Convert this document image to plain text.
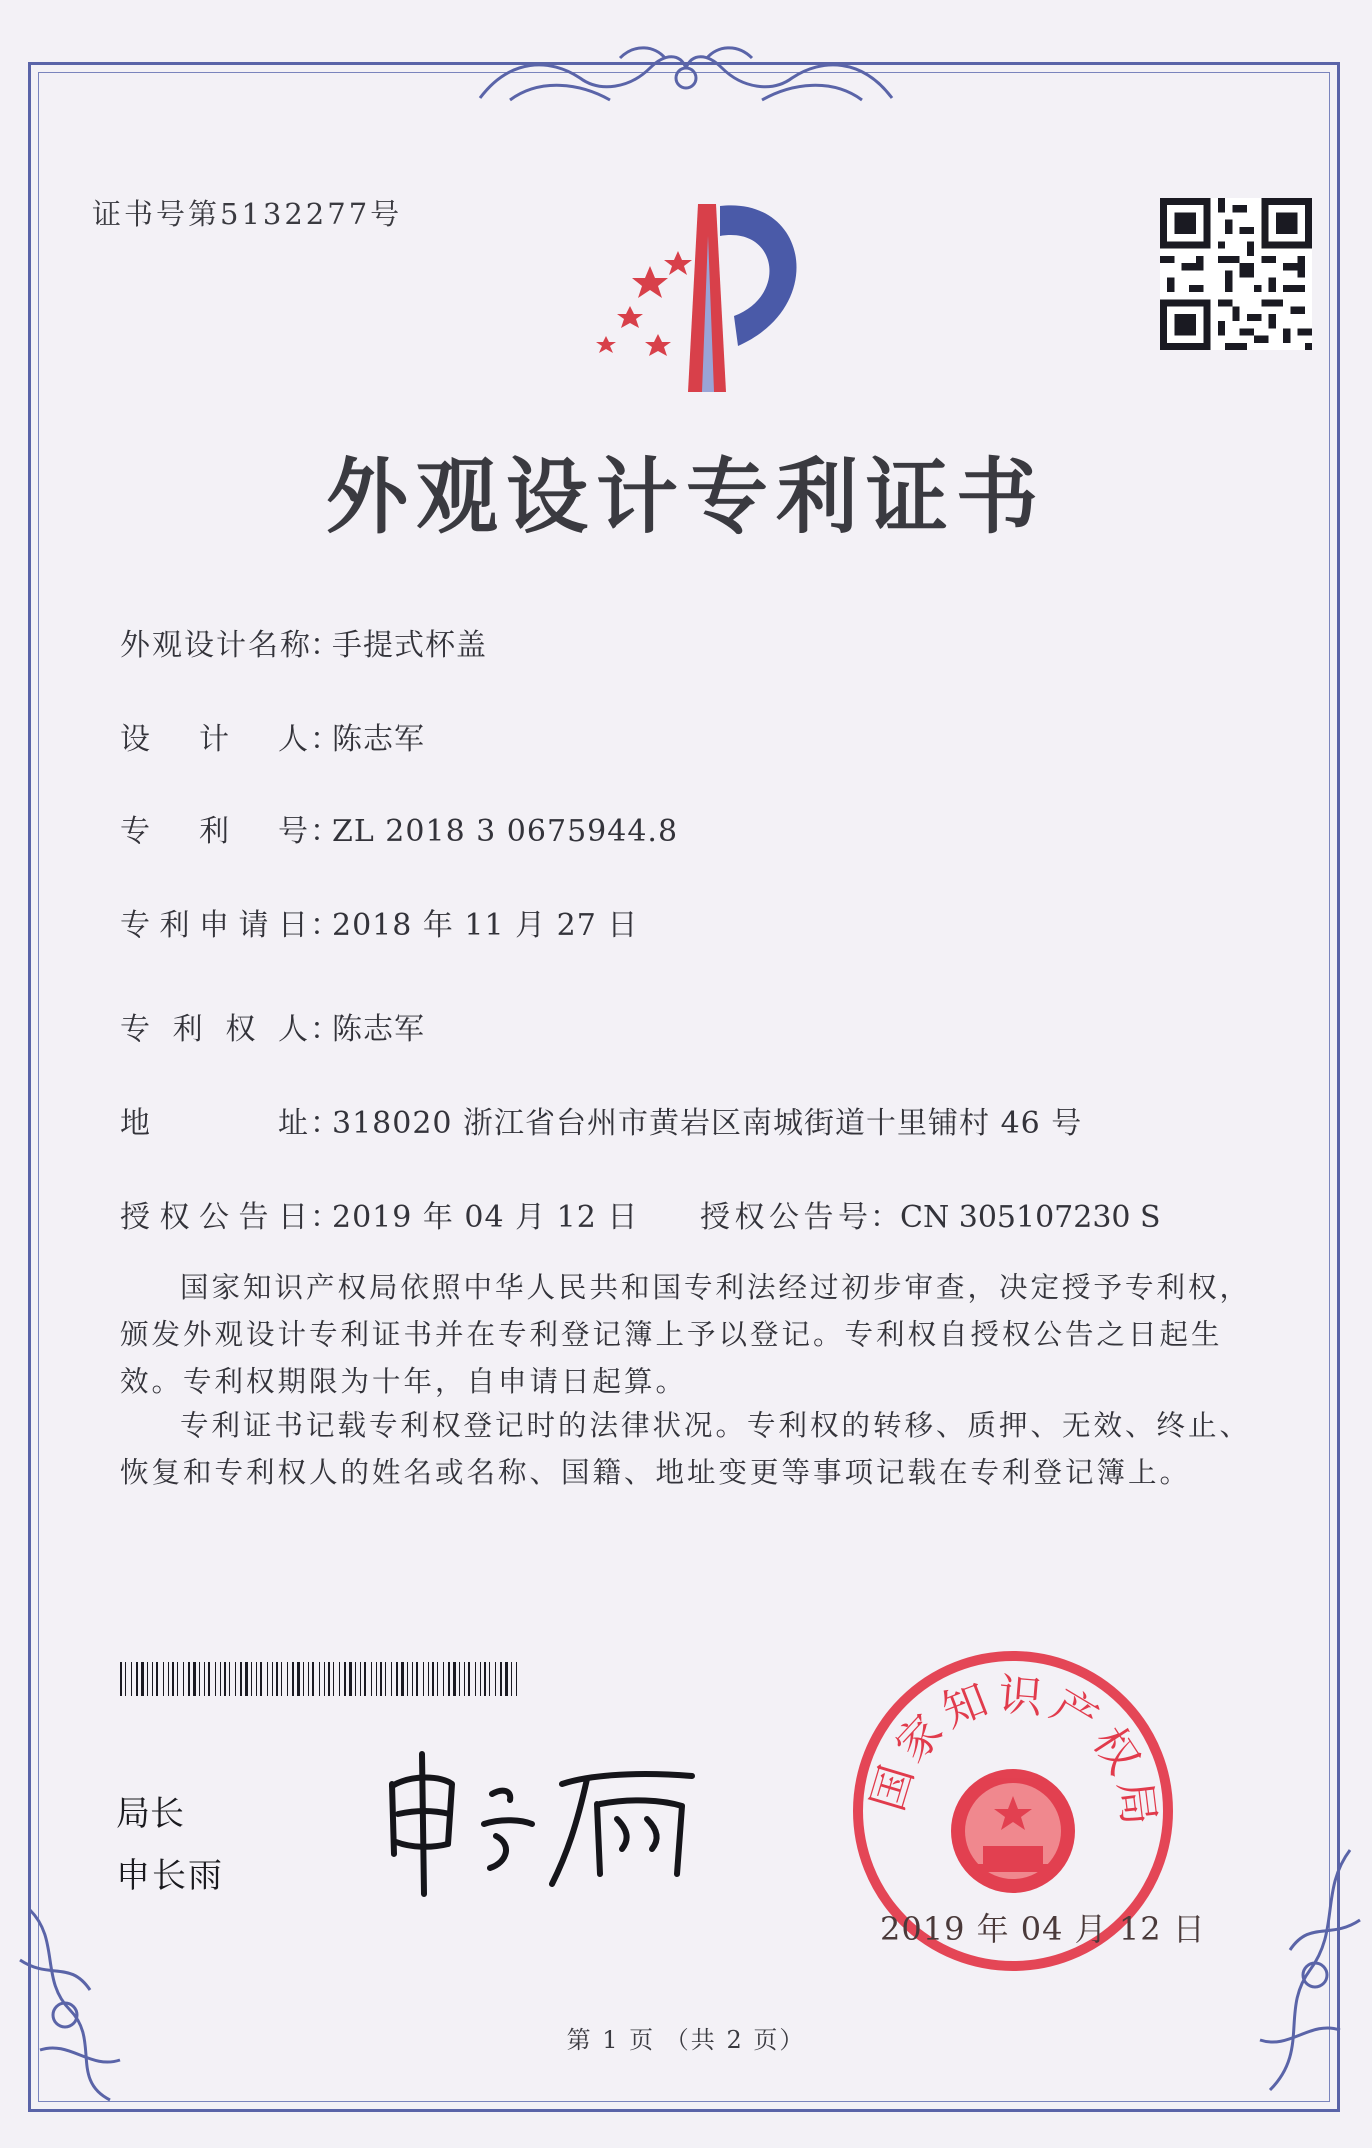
证书号第5132277号
外观设计专利证书
外观设计名称：手提式杯盖
设计人：陈志军
专利号：ZL 2018 3 0675944.8
专利申请日：2018 年 11 月 27 日
专利权人：陈志军
地址：318020 浙江省台州市黄岩区南城街道十里铺村 46 号
授权公告日：2019 年 04 月 12 日 授权公告号：CN 305107230 S
国家知识产权局依照中华人民共和国专利法经过初步审查，决定授予专利权，颁发外观设计专利证书并在专利登记簿上予以登记。专利权自授权公告之日起生效。专利权期限为十年，自申请日起算。
专利证书记载专利权登记时的法律状况。专利权的转移、质押、无效、终止、恢复和专利权人的姓名或名称、国籍、地址变更等事项记载在专利登记簿上。
局长
申长雨
国家知识产权局
2019 年 04 月 12 日
第 1 页 （共 2 页）
